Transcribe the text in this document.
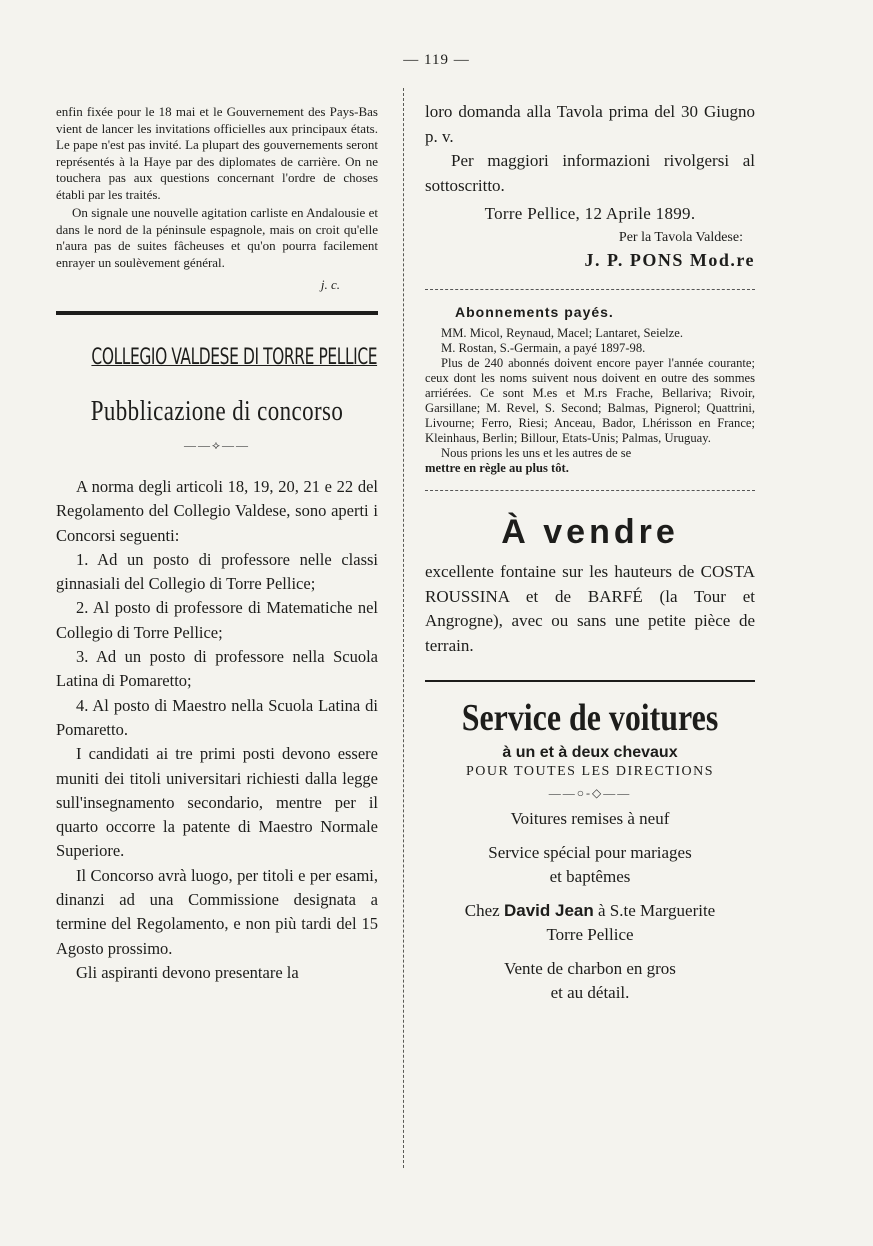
— 119 —

enfin fixée pour le 18 mai et le Gouvernement des Pays-Bas vient de lancer les invitations officielles aux principaux états. Le pape n'est pas invité. La plupart des gouvernements seront représentés à la Haye par des diplomates de carrière. On ne touchera pas aux questions concernant l'ordre de choses établi par les traités.

On signale une nouvelle agitation carliste en Andalousie et dans le nord de la péninsule espagnole, mais on croit qu'elle n'aura pas de suites fâcheuses et qu'on pourra facilement enrayer un soulèvement général.

j. c.

COLLEGIO VALDESE DI TORRE PELLICE
Pubblicazione di concorso
——⟡——

A norma degli articoli 18, 19, 20, 21 e 22 del Regolamento del Collegio Valdese, sono aperti i Concorsi seguenti:

1. Ad un posto di professore nelle classi ginnasiali del Collegio di Torre Pellice;

2. Al posto di professore di Matematiche nel Collegio di Torre Pellice;

3. Ad un posto di professore nella Scuola Latina di Pomaretto;

4. Al posto di Maestro nella Scuola Latina di Pomaretto.

I candidati ai tre primi posti devono essere muniti dei titoli universitari richiesti dalla legge sull'insegnamento secondario, mentre per il quarto occorre la patente di Maestro Normale Superiore.

Il Concorso avrà luogo, per titoli e per esami, dinanzi ad una Commissione designata a termine del Regolamento, e non più tardi del 15 Agosto prossimo.

Gli aspiranti devono presentare la

loro domanda alla Tavola prima del 30 Giugno p. v.

Per maggiori informazioni rivolgersi al sottoscritto.

Torre Pellice, 12 Aprile 1899.

Per la Tavola Valdese:

J. P. PONS Mod.re

Abonnements payés.

MM. Micol, Reynaud, Macel; Lantaret, Seielze.

M. Rostan, S.-Germain, a payé 1897-98.

Plus de 240 abonnés doivent encore payer l'année courante; ceux dont les noms suivent nous doivent en outre des sommes arriérées. Ce sont M.es et M.rs Frache, Bellariva; Rivoir, Garsillane; M. Revel, S. Second; Balmas, Pignerol; Quattrini, Livourne; Ferro, Riesi; Anceau, Bador, Lhérisson en France; Kleinhaus, Berlin; Billour, Etats-Unis; Palmas, Uruguay.

Nous prions les uns et les autres de se

mettre en règle au plus tôt.

À vendre

excellente fontaine sur les hauteurs de COSTA ROUSSINA et de BARFÉ (la Tour et Angrogne), avec ou sans une petite pièce de terrain.

Service de voitures

à un et à deux chevaux

POUR TOUTES LES DIRECTIONS

——○-◇——

Voitures remises à neuf

Service spécial pour mariages

et baptêmes

Chez David Jean à S.te Marguerite

Torre Pellice

Vente de charbon en gros

et au détail.
